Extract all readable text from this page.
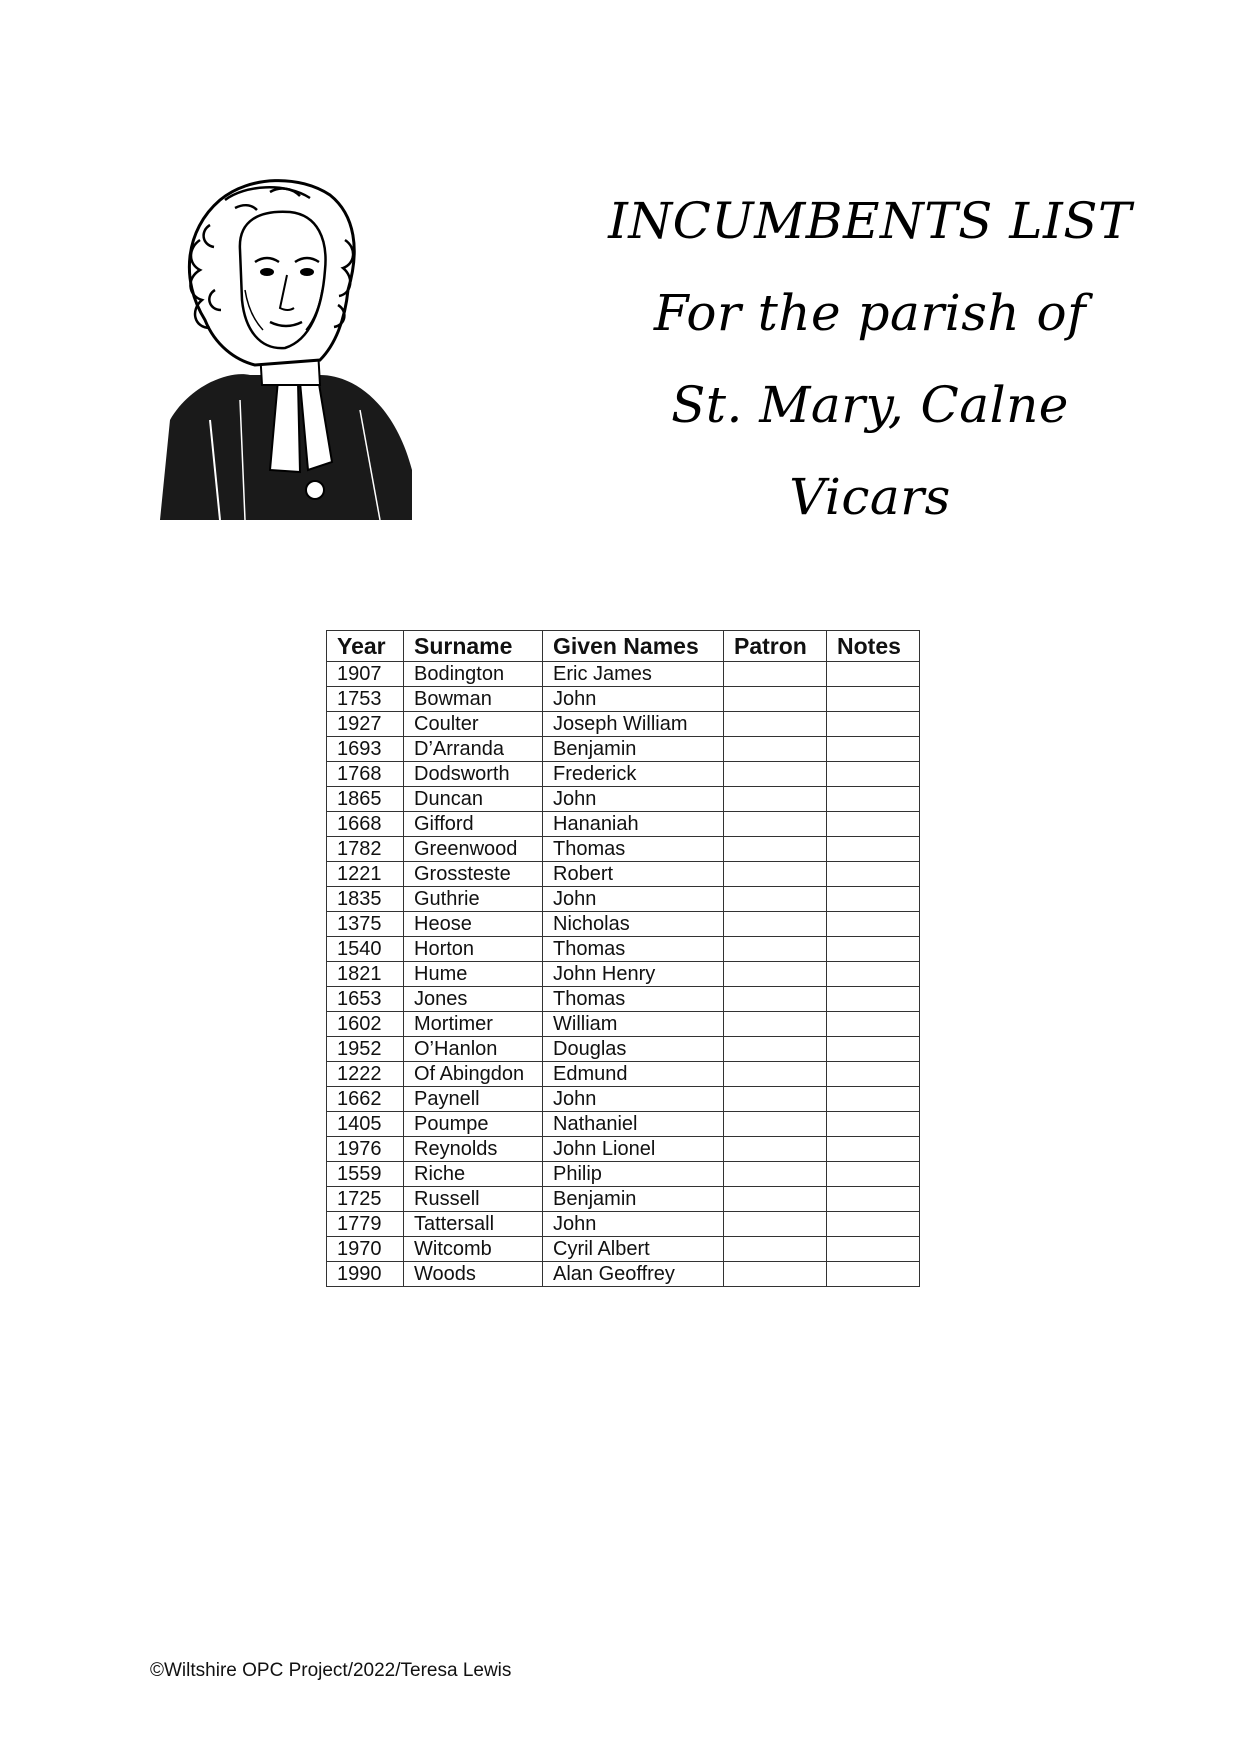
INCUMBENTS LIST
For the parish of
St. Mary, Calne
Vicars
Year	Surname	Given Names	Patron	Notes
1907	Bodington	Eric James		
1753	Bowman	John		
1927	Coulter	Joseph William		
1693	D’Arranda	Benjamin		
1768	Dodsworth	Frederick		
1865	Duncan	John		
1668	Gifford	Hananiah		
1782	Greenwood	Thomas		
1221	Grossteste	Robert		
1835	Guthrie	John		
1375	Heose	Nicholas		
1540	Horton	Thomas		
1821	Hume	John Henry		
1653	Jones	Thomas		
1602	Mortimer	William		
1952	O’Hanlon	Douglas		
1222	Of Abingdon	Edmund		
1662	Paynell	John		
1405	Poumpe	Nathaniel		
1976	Reynolds	John Lionel		
1559	Riche	Philip		
1725	Russell	Benjamin		
1779	Tattersall	John		
1970	Witcomb	Cyril Albert		
1990	Woods	Alan Geoffrey		
©Wiltshire OPC Project/2022/Teresa Lewis
